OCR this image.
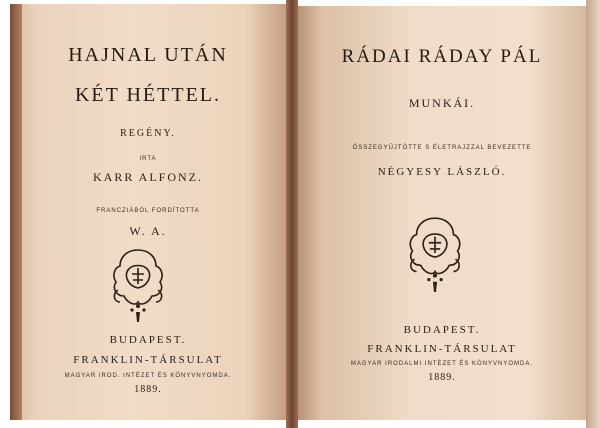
HAJNAL UTÁN

KÉT HÉTTEL.

REGÉNY.

IRTA

KARR ALFONZ.

FRANCZIÁBÓL FORDÍTOTTA

W. A.

BUDAPEST.

FRANKLIN-TÁRSULAT

MAGYAR IROD. INTÉZET ÉS KÖNYVNYOMDA.

1889.

RÁDAI RÁDAY PÁL

MUNKÁI.

ÖSSZEGYŰJTÖTTE S ÉLETRAJZZAL BEVEZETTE

NÉGYESY LÁSZLÓ.

BUDAPEST.

FRANKLIN-TÁRSULAT

MAGYAR IRODALMI INTÉZET ÉS KÖNYVNYOMDA.

1889.
